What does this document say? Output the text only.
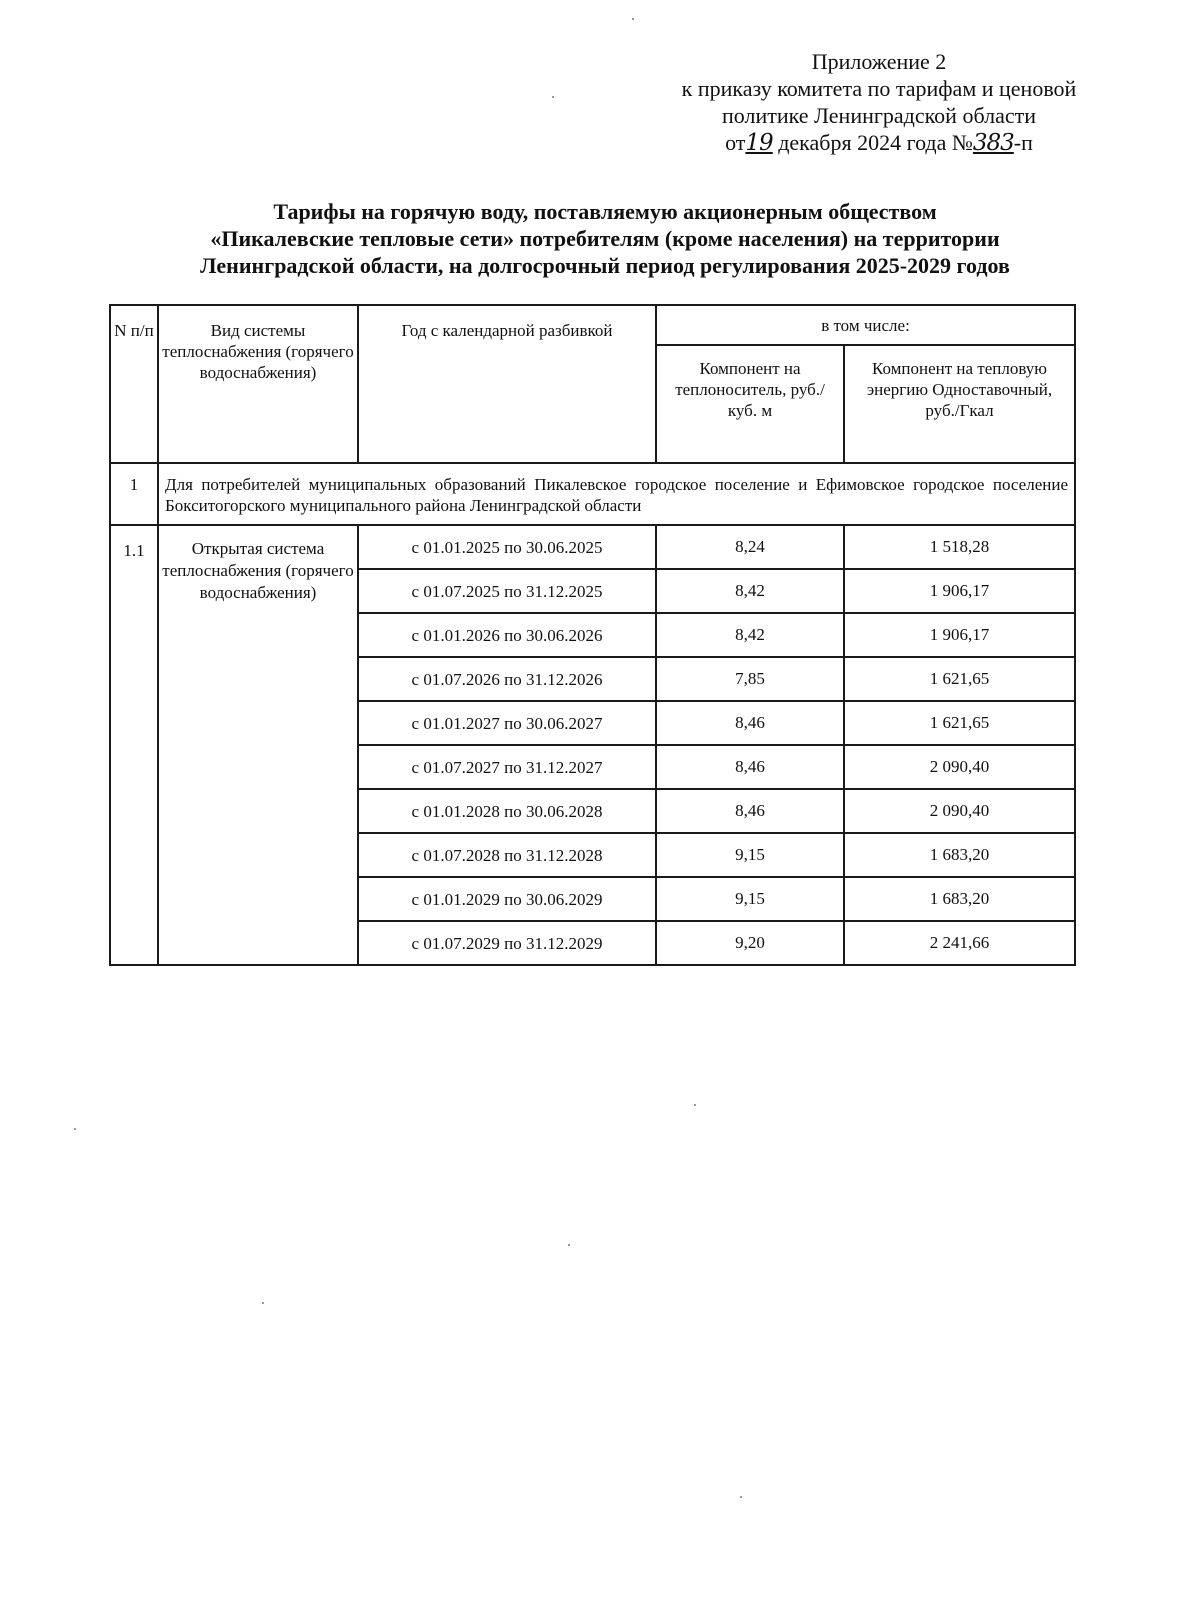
Приложение 2
к приказу комитета по тарифам и ценовой
политике Ленинградской области
от19 декабря 2024 года №383-п
Тарифы на горячую воду, поставляемую акционерным обществом
«Пикалевские тепловые сети» потребителям (кроме населения) на территории
Ленинградской области, на долгосрочный период регулирования 2025-2029 годов
N п/п	Вид системы теплоснабжения (горячего водоснабжения)	Год с календарной разбивкой	в том числе:	
			Компонент на теплоноситель, руб./куб. м	Компонент на тепловую энергию Одноставочный, руб./Гкал
1	Для потребителей муниципальных образований Пикалевское городское поселение и Ефимовское городское поселение Бокситогорского муниципального района Ленинградской области			
1.1	Открытая система теплоснабжения (горячего водоснабжения)	с 01.01.2025 по 30.06.2025	8,24	1 518,28
		с 01.07.2025 по 31.12.2025	8,42	1 906,17
		с 01.01.2026 по 30.06.2026	8,42	1 906,17
		с 01.07.2026 по 31.12.2026	7,85	1 621,65
		с 01.01.2027 по 30.06.2027	8,46	1 621,65
		с 01.07.2027 по 31.12.2027	8,46	2 090,40
		с 01.01.2028 по 30.06.2028	8,46	2 090,40
		с 01.07.2028 по 31.12.2028	9,15	1 683,20
		с 01.01.2029 по 30.06.2029	9,15	1 683,20
		с 01.07.2029 по 31.12.2029	9,20	2 241,66
